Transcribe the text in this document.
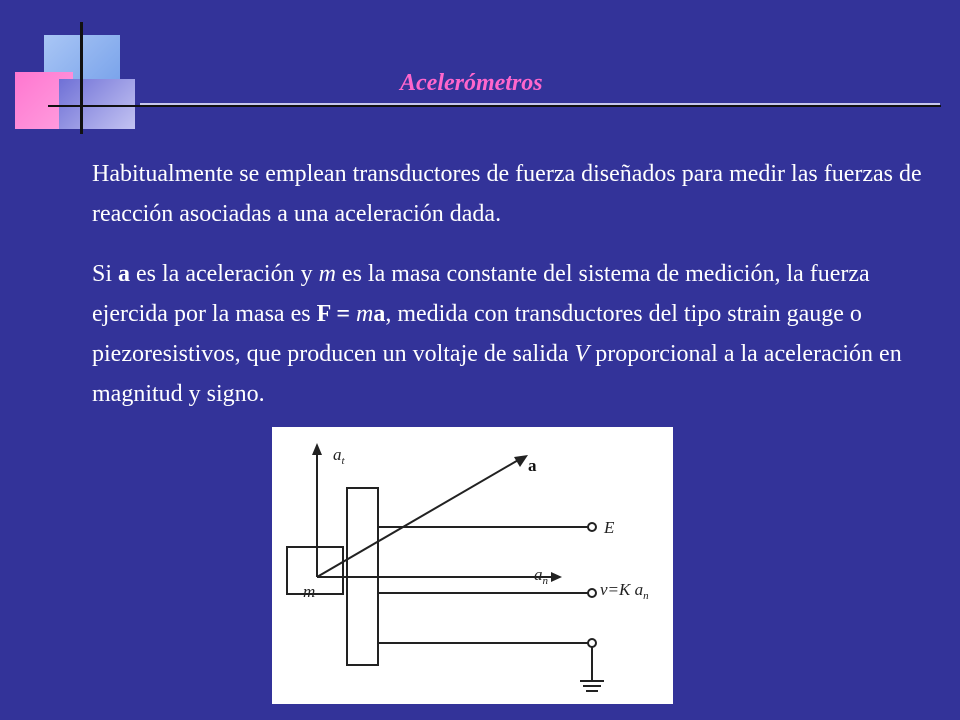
Acelerómetros

Habitualmente se emplean transductores de fuerza diseñados para medir las fuerzas de reacción asociadas a una aceleración dada.

Si a es la aceleración y m es la masa constante del sistema de medición, la fuerza ejercida por la masa es F = ma, medida con transductores del tipo strain gauge o piezoresistivos, que producen un voltaje de salida V proporcional a la aceleración en magnitud y signo.

$a_t$	a
E
$a_n$
m	v=K $a_n$
